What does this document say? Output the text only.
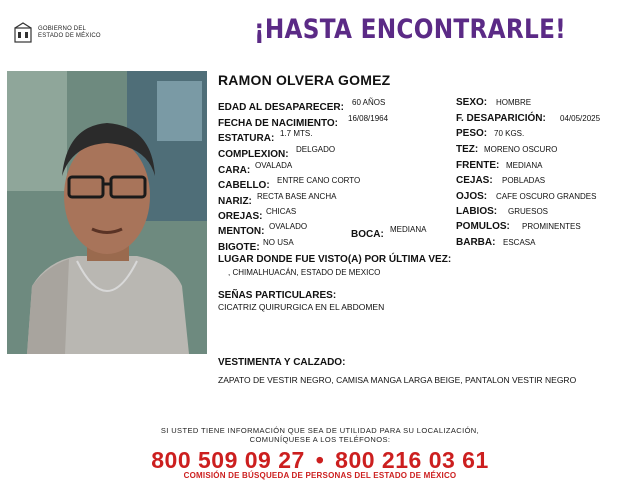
GOBIERNO DEL
ESTADO DE MÉXICO	¡HASTA ENCONTRARLE!
RAMON OLVERA GOMEZ
EDAD AL DESAPARECER: 60 AÑOS
FECHA DE NACIMIENTO: 16/08/1964
ESTATURA: 1.7 MTS.
COMPLEXION: DELGADO
CARA: OVALADA
CABELLO: ENTRE CANO CORTO
NARIZ: RECTA BASE ANCHA
OREJAS: CHICAS
MENTON: OVALADO
BIGOTE: NO USA
BOCA: MEDIANA
SEXO: HOMBRE
F. DESAPARICIÓN: 04/05/2025
PESO: 70 KGS.
TEZ: MORENO OSCURO
FRENTE: MEDIANA
CEJAS: POBLADAS
OJOS: CAFE OSCURO GRANDES
LABIOS: GRUESOS
POMULOS: PROMINENTES
BARBA: ESCASA
LUGAR DONDE FUE VISTO(A) POR ÚLTIMA VEZ:
, CHIMALHUACÁN, ESTADO DE MEXICO
SEÑAS PARTICULARES:
CICATRIZ QUIRURGICA EN EL ABDOMEN
VESTIMENTA Y CALZADO:
ZAPATO DE VESTIR NEGRO, CAMISA MANGA LARGA BEIGE, PANTALON VESTIR NEGRO
SI USTED TIENE INFORMACIÓN QUE SEA DE UTILIDAD PARA SU LOCALIZACIÓN,
COMUNÍQUESE A LOS TELÉFONOS:
800 509 09 27 • 800 216 03 61
COMISIÓN DE BÚSQUEDA DE PERSONAS DEL ESTADO DE MÉXICO
